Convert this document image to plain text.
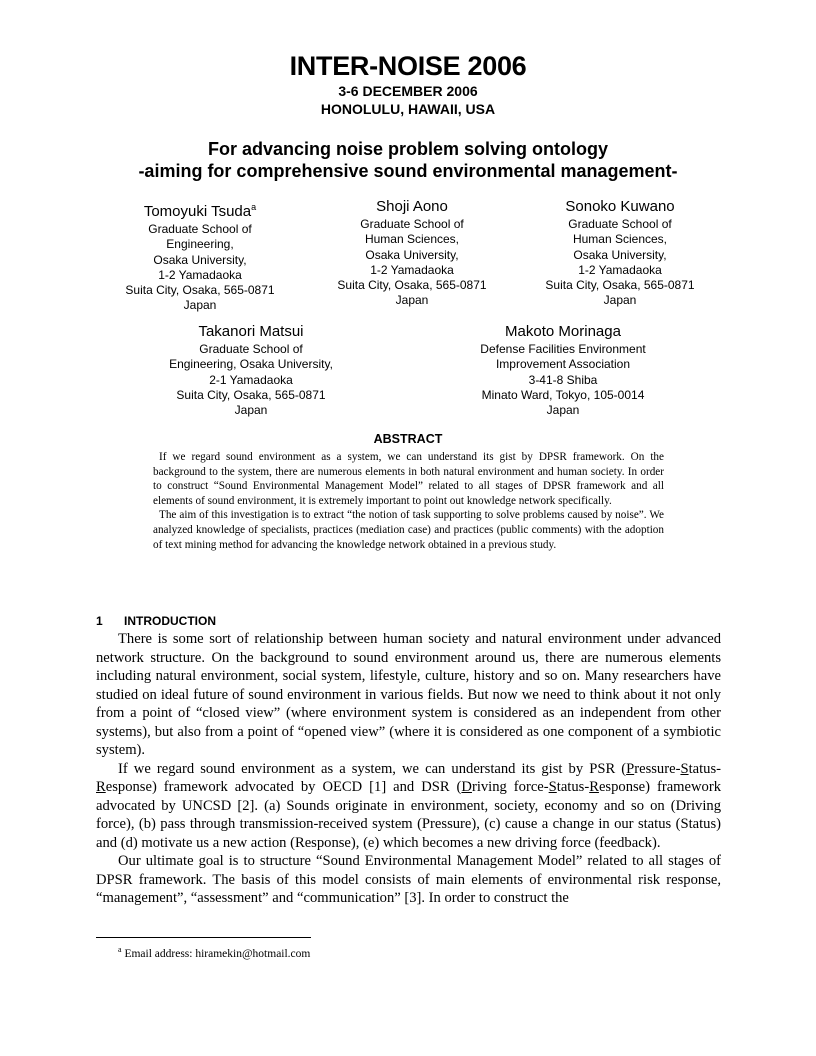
INTER-NOISE 2006
3-6 DECEMBER 2006
HONOLULU, HAWAII, USA
For advancing noise problem solving ontology
-aiming for comprehensive sound environmental management-
Tomoyuki Tsuda$^a$
Graduate School of
Engineering,
Osaka University,
1-2 Yamadaoka
Suita City, Osaka, 565-0871
Japan
Shoji Aono
Graduate School of
Human Sciences,
Osaka University,
1-2 Yamadaoka
Suita City, Osaka, 565-0871
Japan
Sonoko Kuwano
Graduate School of
Human Sciences,
Osaka University,
1-2 Yamadaoka
Suita City, Osaka, 565-0871
Japan
Takanori Matsui
Graduate School of
Engineering, Osaka University,
2-1 Yamadaoka
Suita City, Osaka, 565-0871
Japan
Makoto Morinaga
Defense Facilities Environment
Improvement Association
3-41-8 Shiba
Minato Ward, Tokyo, 105-0014
Japan
ABSTRACT

If we regard sound environment as a system, we can understand its gist by DPSR framework. On the background to the system, there are numerous elements in both natural environment and human society. In order to construct “Sound Environmental Management Model” related to all stages of DPSR framework and all elements of sound environment, it is extremely important to point out knowledge network specifically.

The aim of this investigation is to extract “the notion of task supporting to solve problems caused by noise”. We analyzed knowledge of specialists, practices (mediation case) and practices (public comments) with the adoption of text mining method for advancing the knowledge network obtained in a previous study.

1 INTRODUCTION

There is some sort of relationship between human society and natural environment under advanced network structure. On the background to sound environment around us, there are numerous elements including natural environment, social system, lifestyle, culture, history and so on. Many researchers have studied on ideal future of sound environment in various fields. But now we need to think about it not only from a point of “closed view” (where environment system is considered as an independent from other systems), but also from a point of “opened view” (where it is considered as one component of a symbiotic system).

If we regard sound environment as a system, we can understand its gist by PSR (Pressure-Status-Response) framework advocated by OECD [1] and DSR (Driving force-Status-Response) framework advocated by UNCSD [2]. (a) Sounds originate in environment, society, economy and so on (Driving force), (b) pass through transmission-received system (Pressure), (c) cause a change in our status (Status) and (d) motivate us a new action (Response), (e) which becomes a new driving force (feedback).

Our ultimate goal is to structure “Sound Environmental Management Model” related to all stages of DPSR framework. The basis of this model consists of main elements of environmental risk response, “management”, “assessment” and “communication” [3]. In order to construct the

$^a$ Email address: hiramekin@hotmail.com
